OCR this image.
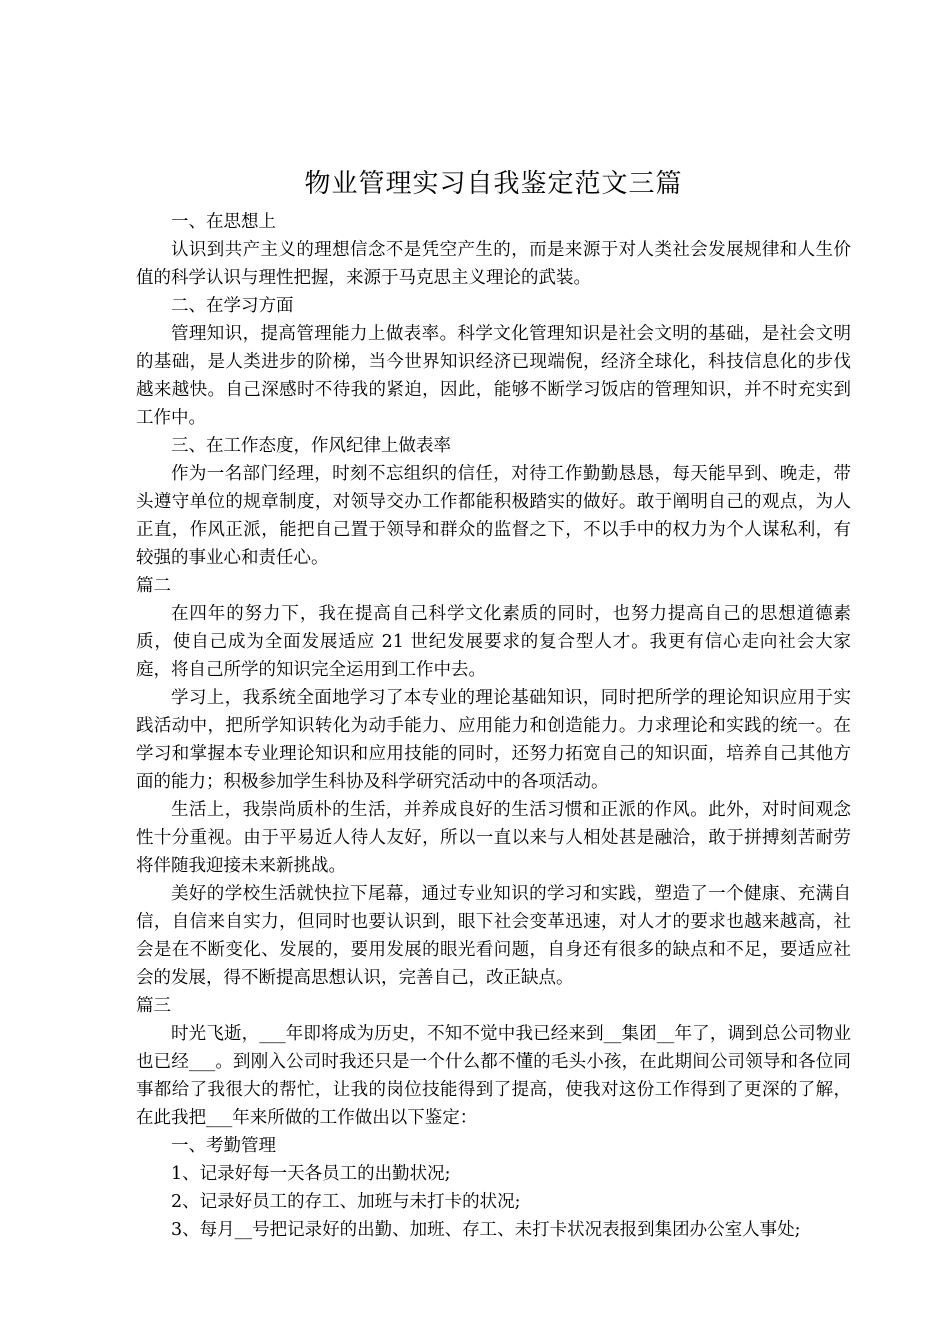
物业管理实习自我鉴定范文三篇

一、在思想上

认识到共产主义的理想信念不是凭空产生的，而是来源于对人类社会发展规律和人生价值的科学认识与理性把握，来源于马克思主义理论的武装。

二、在学习方面

管理知识，提高管理能力上做表率。科学文化管理知识是社会文明的基础，是社会文明的基础，是人类进步的阶梯，当今世界知识经济已现端倪，经济全球化，科技信息化的步伐越来越快。自己深感时不待我的紧迫，因此，能够不断学习饭店的管理知识，并不时充实到工作中。

三、在工作态度，作风纪律上做表率

作为一名部门经理，时刻不忘组织的信任，对待工作勤勤恳恳，每天能早到、晚走，带头遵守单位的规章制度，对领导交办工作都能积极踏实的做好。敢于阐明自己的观点，为人正直，作风正派，能把自己置于领导和群众的监督之下，不以手中的权力为个人谋私利，有较强的事业心和责任心。

篇二

在四年的努力下，我在提高自己科学文化素质的同时，也努力提高自己的思想道德素质，使自己成为全面发展适应 21 世纪发展要求的复合型人才。我更有信心走向社会大家庭，将自己所学的知识完全运用到工作中去。

学习上，我系统全面地学习了本专业的理论基础知识，同时把所学的理论知识应用于实践活动中，把所学知识转化为动手能力、应用能力和创造能力。力求理论和实践的统一。在学习和掌握本专业理论知识和应用技能的同时，还努力拓宽自己的知识面，培养自己其他方面的能力；积极参加学生科协及科学研究活动中的各项活动。

生活上，我崇尚质朴的生活，并养成良好的生活习惯和正派的作风。此外，对时间观念性十分重视。由于平易近人待人友好，所以一直以来与人相处甚是融洽，敢于拼搏刻苦耐劳将伴随我迎接未来新挑战。

美好的学校生活就快拉下尾幕，通过专业知识的学习和实践，塑造了一个健康、充满自信，自信来自实力，但同时也要认识到，眼下社会变革迅速，对人才的要求也越来越高，社会是在不断变化、发展的，要用发展的眼光看问题，自身还有很多的缺点和不足，要适应社会的发展，得不断提高思想认识，完善自己，改正缺点。

篇三

时光飞逝，___年即将成为历史，不知不觉中我已经来到__集团__年了，调到总公司物业也已经___。到刚入公司时我还只是一个什么都不懂的毛头小孩，在此期间公司领导和各位同事都给了我很大的帮忙，让我的岗位技能得到了提高，使我对这份工作得到了更深的了解，在此我把___年来所做的工作做出以下鉴定：

一、考勤管理

1、记录好每一天各员工的出勤状况;

2、记录好员工的存工、加班与未打卡的状况;

3、每月__号把记录好的出勤、加班、存工、未打卡状况表报到集团办公室人事处;
